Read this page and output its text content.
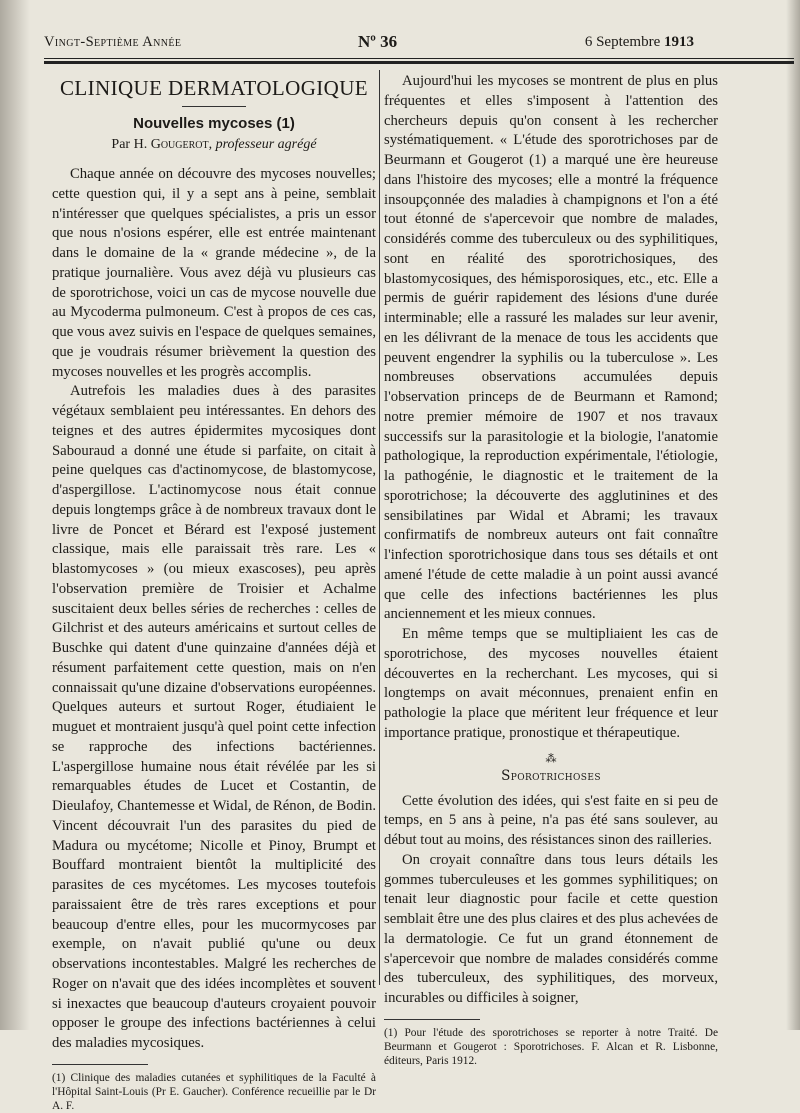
Vingt-Septième Année	Nº 36	6 Septembre 1913
CLINIQUE DERMATOLOGIQUE
Nouvelles mycoses (1)
Par H. Gougerot, professeur agrégé

Chaque année on découvre des mycoses nouvelles; cette question qui, il y a sept ans à peine, semblait n'intéresser que quelques spécialistes, a pris un essor que nous n'osions espérer, elle est entrée maintenant dans le domaine de la « grande médecine », de la pratique journalière. Vous avez déjà vu plusieurs cas de sporotrichose, voici un cas de mycose nouvelle due au Mycoderma pulmoneum. C'est à propos de ces cas, que vous avez suivis en l'espace de quelques semaines, que je voudrais résumer brièvement la question des mycoses nouvelles et les progrès accomplis.

Autrefois les maladies dues à des parasites végétaux semblaient peu intéressantes. En dehors des teignes et des autres épidermites mycosiques dont Sabouraud a donné une étude si parfaite, on citait à peine quelques cas d'actinomycose, de blastomycose, d'aspergillose. L'actinomycose nous était connue depuis longtemps grâce à de nombreux travaux dont le livre de Poncet et Bérard est l'exposé justement classique, mais elle paraissait très rare. Les « blastomycoses » (ou mieux exascoses), peu après l'observation première de Troisier et Achalme suscitaient deux belles séries de recherches : celles de Gilchrist et des auteurs américains et surtout celles de Buschke qui datent d'une quinzaine d'années déjà et résument parfaitement cette question, mais on n'en connaissait qu'une dizaine d'observations européennes. Quelques auteurs et surtout Roger, étudiaient le muguet et montraient jusqu'à quel point cette infection se rapproche des infections bactériennes. L'aspergillose humaine nous était révélée par les si remarquables études de Lucet et Costantin, de Dieulafoy, Chantemesse et Widal, de Rénon, de Bodin. Vincent découvrait l'un des parasites du pied de Madura ou mycétome; Nicolle et Pinoy, Brumpt et Bouffard montraient bientôt la multiplicité des parasites de ces mycétomes. Les mycoses toutefois paraissaient être de très rares exceptions et pour beaucoup d'entre elles, pour les mucormycoses par exemple, on n'avait publié qu'une ou deux observations incontestables. Malgré les recherches de Roger on n'avait que des idées incomplètes et souvent si inexactes que beaucoup d'auteurs croyaient pouvoir opposer le groupe des infections bactériennes à celui des maladies mycosiques.

(1) Clinique des maladies cutanées et syphilitiques de la Faculté à l'Hôpital Saint-Louis (Pr E. Gaucher). Conférence recueillie par le Dr A. F.

Aujourd'hui les mycoses se montrent de plus en plus fréquentes et elles s'imposent à l'attention des chercheurs depuis qu'on consent à les rechercher systématiquement. « L'étude des sporotrichoses par de Beurmann et Gougerot (1) a marqué une ère heureuse dans l'histoire des mycoses; elle a montré la fréquence insoupçonnée des maladies à champignons et l'on a été tout étonné de s'apercevoir que nombre de malades, considérés comme des tuberculeux ou des syphilitiques, sont en réalité des sporotrichosiques, des blastomycosiques, des hémisporosiques, etc., etc. Elle a permis de guérir rapidement des lésions d'une durée interminable; elle a rassuré les malades sur leur avenir, en les délivrant de la menace de tous les accidents que peuvent engendrer la syphilis ou la tuberculose ». Les nombreuses observations accumulées depuis l'observation princeps de de Beurmann et Ramond; notre premier mémoire de 1907 et nos travaux successifs sur la parasitologie et la biologie, l'anatomie pathologique, la reproduction expérimentale, l'étiologie, la pathogénie, le diagnostic et le traitement de la sporotrichose; la découverte des agglutinines et des sensibilatines par Widal et Abrami; les travaux confirmatifs de nombreux auteurs ont fait connaître l'infection sporotrichosique dans tous ses détails et ont amené l'étude de cette maladie à un point aussi avancé que celle des infections bactériennes les plus anciennement et les mieux connues.

En même temps que se multipliaient les cas de sporotrichose, des mycoses nouvelles étaient découvertes en la recherchant. Les mycoses, qui si longtemps on avait méconnues, prenaient enfin en pathologie la place que méritent leur fréquence et leur importance pratique, pronostique et thérapeutique.

⁂
Sporotrichoses

Cette évolution des idées, qui s'est faite en si peu de temps, en 5 ans à peine, n'a pas été sans soulever, au début tout au moins, des résistances sinon des railleries.

On croyait connaître dans tous leurs détails les gommes tuberculeuses et les gommes syphilitiques; on tenait leur diagnostic pour facile et cette question semblait être une des plus claires et des plus achevées de la dermatologie. Ce fut un grand étonnement de s'apercevoir que nombre de malades considérés comme des tuberculeux, des syphilitiques, des morveux, incurables ou difficiles à soigner,

(1) Pour l'étude des sporotrichoses se reporter à notre Traité. De Beurmann et Gougerot : Sporotrichoses. F. Alcan et R. Lisbonne, éditeurs, Paris 1912.
